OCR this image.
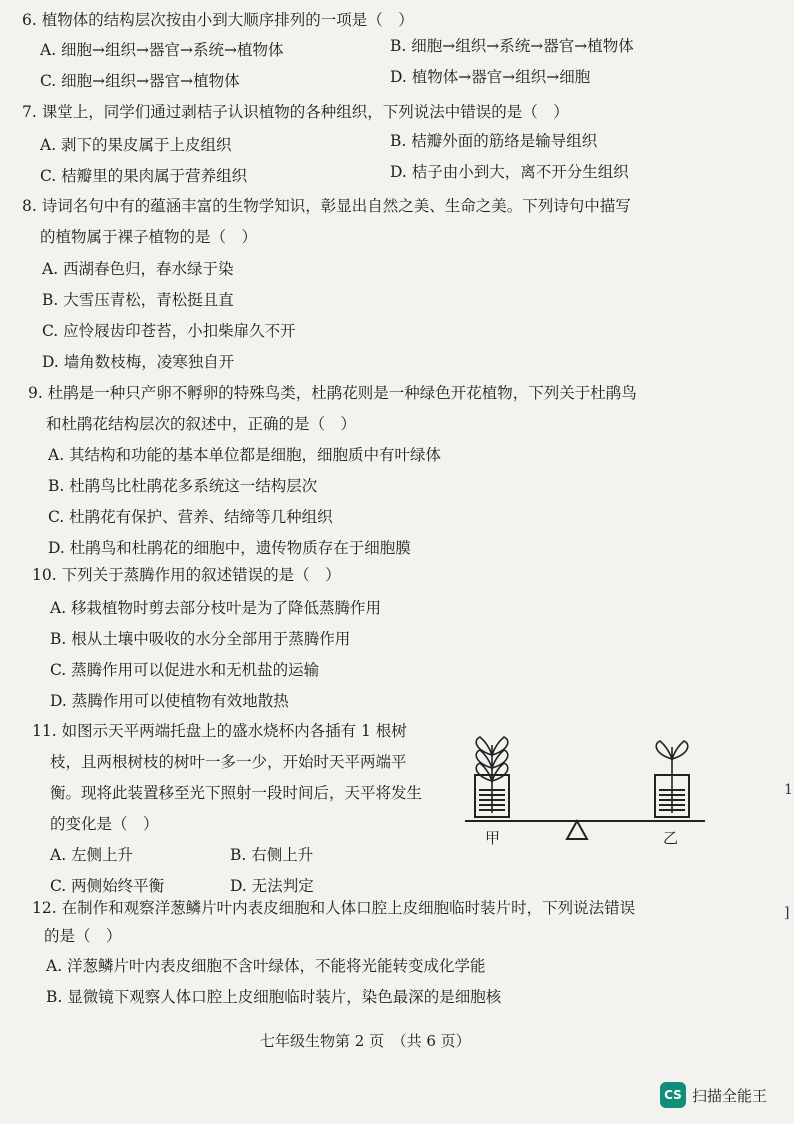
6. 植物体的结构层次按由小到大顺序排列的一项是（　）
A. 细胞→组织→器官→系统→植物体	B. 细胞→组织→系统→器官→植物体
C. 细胞→组织→器官→植物体	D. 植物体→器官→组织→细胞
7. 课堂上，同学们通过剥桔子认识植物的各种组织，下列说法中错误的是（　）
A. 剥下的果皮属于上皮组织	B. 桔瓣外面的筋络是输导组织
C. 桔瓣里的果肉属于营养组织	D. 桔子由小到大，离不开分生组织
8. 诗词名句中有的蕴涵丰富的生物学知识，彰显出自然之美、生命之美。下列诗句中描写
的植物属于裸子植物的是（　）
A. 西湖春色归，春水绿于染
B. 大雪压青松，青松挺且直
C. 应怜屐齿印苍苔，小扣柴扉久不开
D. 墙角数枝梅，凌寒独自开
9. 杜鹃是一种只产卵不孵卵的特殊鸟类，杜鹃花则是一种绿色开花植物，下列关于杜鹃鸟
和杜鹃花结构层次的叙述中，正确的是（　）
A. 其结构和功能的基本单位都是细胞，细胞质中有叶绿体
B. 杜鹃鸟比杜鹃花多系统这一结构层次
C. 杜鹃花有保护、营养、结缔等几种组织
D. 杜鹃鸟和杜鹃花的细胞中，遗传物质存在于细胞膜
10. 下列关于蒸腾作用的叙述错误的是（　）
A. 移栽植物时剪去部分枝叶是为了降低蒸腾作用
B. 根从土壤中吸收的水分全部用于蒸腾作用
C. 蒸腾作用可以促进水和无机盐的运输
D. 蒸腾作用可以使植物有效地散热
11. 如图示天平两端托盘上的盛水烧杯内各插有 1 根树
枝，且两根树枝的树叶一多一少，开始时天平两端平
衡。现将此装置移至光下照射一段时间后，天平将发生
的变化是（　）
A. 左侧上升	B. 右侧上升
C. 两侧始终平衡	D. 无法判定
甲	乙
12. 在制作和观察洋葱鳞片叶内表皮细胞和人体口腔上皮细胞临时装片时，下列说法错误
的是（　）
A. 洋葱鳞片叶内表皮细胞不含叶绿体，不能将光能转变成化学能
B. 显微镜下观察人体口腔上皮细胞临时装片，染色最深的是细胞核
七年级生物第 2 页　（共 6 页）
1
]
CS 扫描全能王
